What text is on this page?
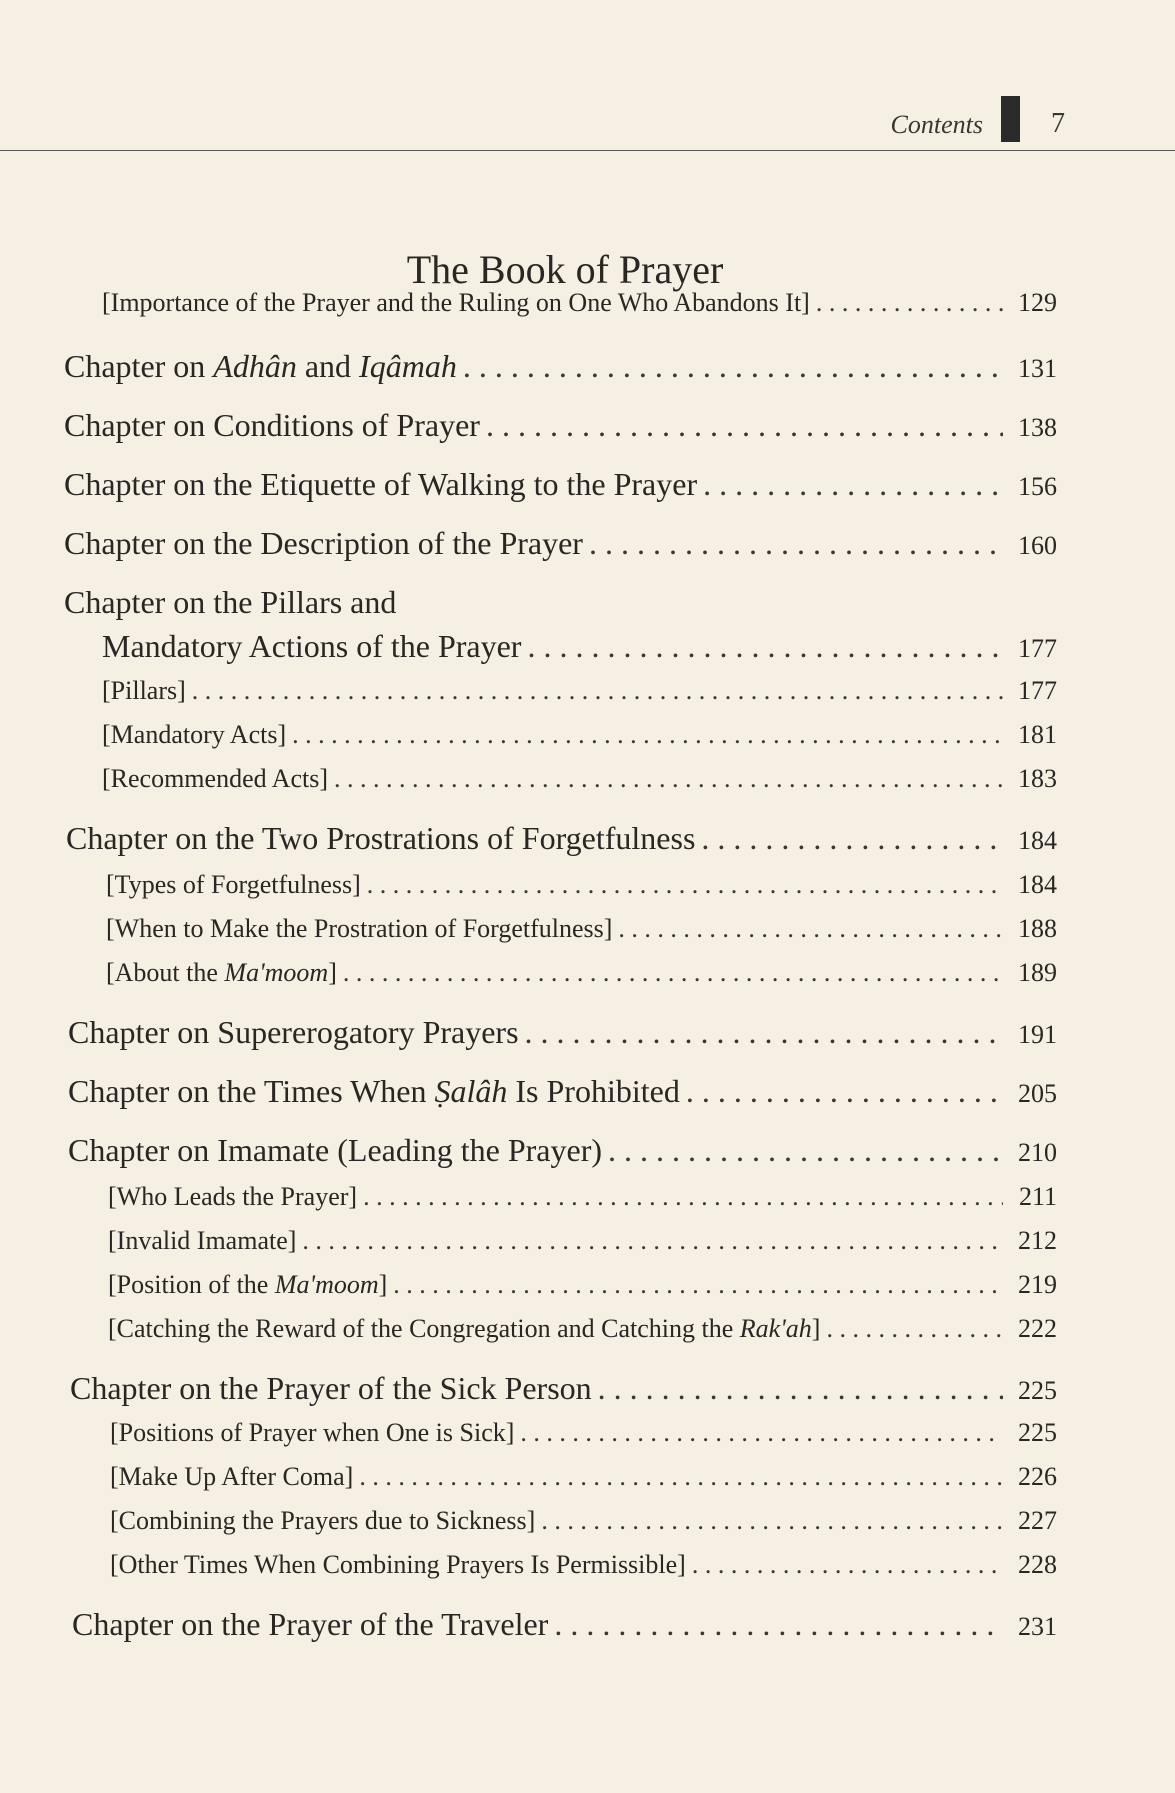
Contents 7
The Book of Prayer
[Importance of the Prayer and the Ruling on One Who Abandons It] . . .	129
Chapter on Adhân and Iqâmah . . .	131
Chapter on Conditions of Prayer . . .	138
Chapter on the Etiquette of Walking to the Prayer . . .	156
Chapter on the Description of the Prayer . . .	160
Chapter on the Pillars and
Mandatory Actions of the Prayer . . .	177
[Pillars] . . .	177
[Mandatory Acts] . . .	181
[Recommended Acts] . . .	183
Chapter on the Two Prostrations of Forgetfulness . . .	184
[Types of Forgetfulness] . . .	184
[When to Make the Prostration of Forgetfulness] . . .	188
[About the Ma'moom] . . .	189
Chapter on Supererogatory Prayers . . .	191
Chapter on the Times When Ṣalâh Is Prohibited . . .	205
Chapter on Imamate (Leading the Prayer) . . .	210
[Who Leads the Prayer] . . .	211
[Invalid Imamate] . . .	212
[Position of the Ma'moom] . . .	219
[Catching the Reward of the Congregation and Catching the Rak'ah] . . .	222
Chapter on the Prayer of the Sick Person . . .	225
[Positions of Prayer when One is Sick] . . .	225
[Make Up After Coma] . . .	226
[Combining the Prayers due to Sickness] . . .	227
[Other Times When Combining Prayers Is Permissible] . . .	228
Chapter on the Prayer of the Traveler . . .	231
